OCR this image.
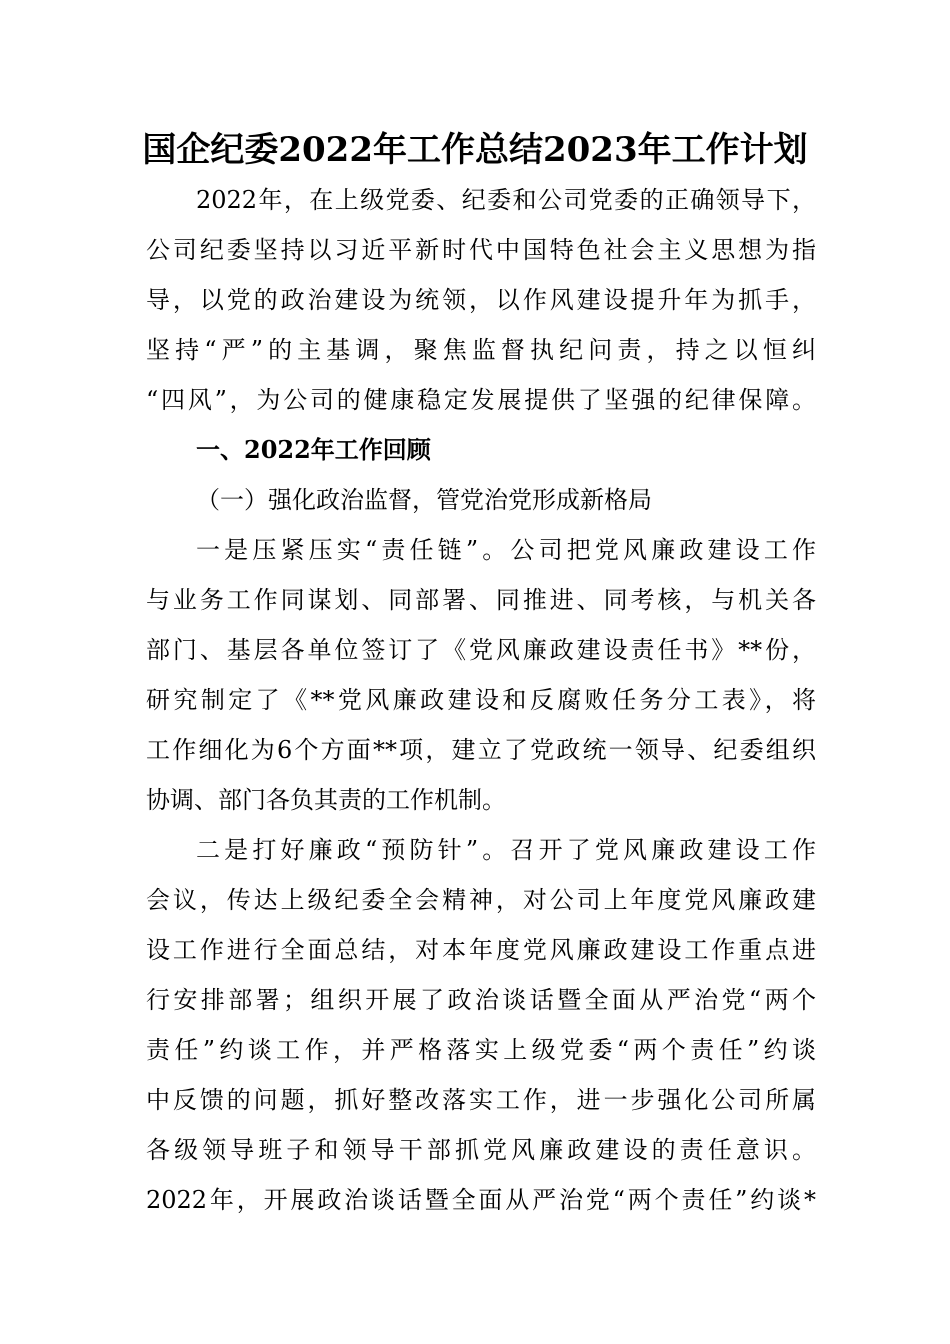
国企纪委2022年工作总结2023年工作计划
2022年，在上级党委、纪委和公司党委的正确领导下，
公司纪委坚持以习近平新时代中国特色社会主义思想为指
导，以党的政治建设为统领，以作风建设提升年为抓手，
坚持“严”的主基调，聚焦监督执纪问责，持之以恒纠
“四风”，为公司的健康稳定发展提供了坚强的纪律保障。
一、2022年工作回顾
（一）强化政治监督，管党治党形成新格局
一是压紧压实“责任链”。公司把党风廉政建设工作
与业务工作同谋划、同部署、同推进、同考核，与机关各
部门、基层各单位签订了《党风廉政建设责任书》**份，
研究制定了《**党风廉政建设和反腐败任务分工表》，将
工作细化为6个方面**项，建立了党政统一领导、纪委组织
协调、部门各负其责的工作机制。
二是打好廉政“预防针”。召开了党风廉政建设工作
会议，传达上级纪委全会精神，对公司上年度党风廉政建
设工作进行全面总结，对本年度党风廉政建设工作重点进
行安排部署；组织开展了政治谈话暨全面从严治党“两个
责任”约谈工作，并严格落实上级党委“两个责任”约谈
中反馈的问题，抓好整改落实工作，进一步强化公司所属
各级领导班子和领导干部抓党风廉政建设的责任意识。
2022年，开展政治谈话暨全面从严治党“两个责任”约谈*
